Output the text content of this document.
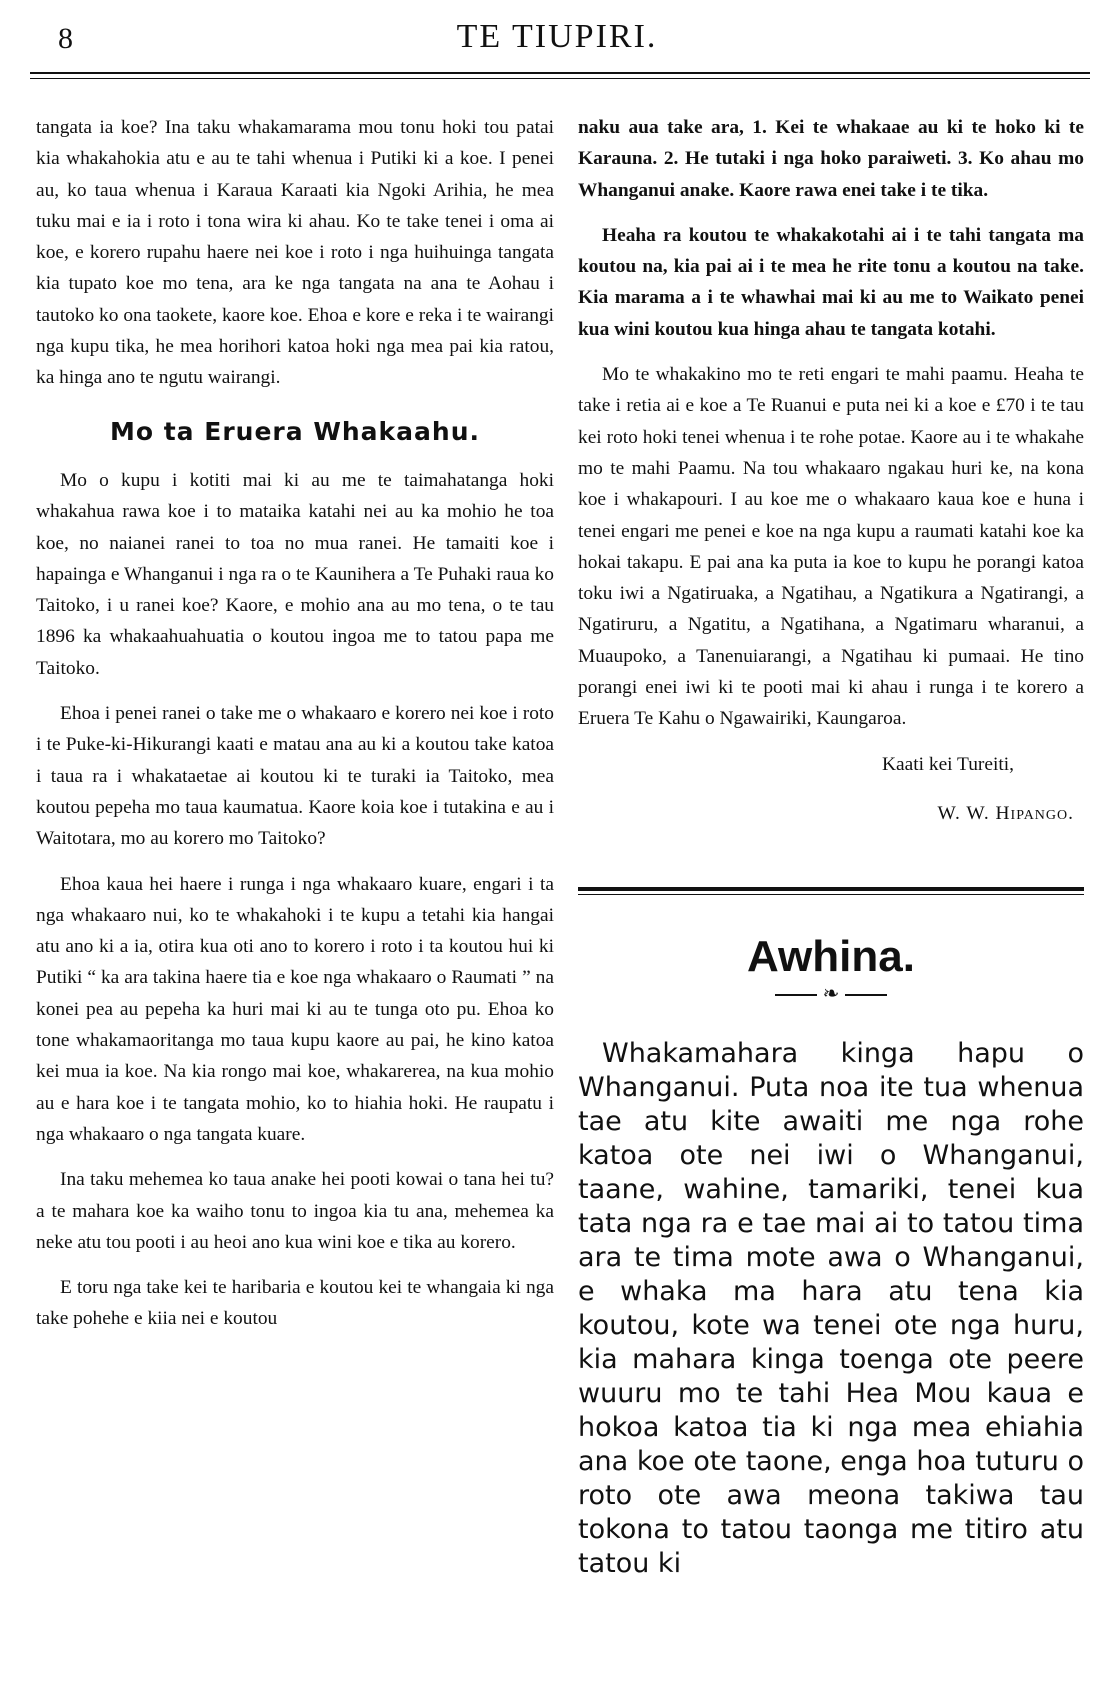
8	TE TIUPIRI.

tangata ia koe? Ina taku whakamarama mou tonu hoki tou patai kia whakahokia atu e au te tahi whenua i Putiki ki a koe. I penei au, ko taua whenua i Karaua Karaati kia Ngoki Arihia, he mea tuku mai e ia i roto i tona wira ki ahau. Ko te take tenei i oma ai koe, e korero rupahu haere nei koe i roto i nga huihuinga tangata kia tupato koe mo tena, ara ke nga tangata na ana te Aohau i tautoko ko ona taokete, kaore koe. Ehoa e kore e reka i te wairangi nga kupu tika, he mea horihori katoa hoki nga mea pai kia ratou, ka hinga ano te ngutu wairangi.

Mo ta Eruera Whakaahu.

Mo o kupu i kotiti mai ki au me te taimahatanga hoki whakahua rawa koe i to mataika katahi nei au ka mohio he toa koe, no naianei ranei to toa no mua ranei. He tamaiti koe i hapainga e Whanganui i nga ra o te Kaunihera a Te Puhaki raua ko Taitoko, i u ranei koe? Kaore, e mohio ana au mo tena, o te tau 1896 ka whakaahuahuatia o koutou ingoa me to tatou papa me Taitoko.

Ehoa i penei ranei o take me o whakaaro e korero nei koe i roto i te Puke-ki-Hikurangi kaati e matau ana au ki a koutou take katoa i taua ra i whakataetae ai koutou ki te turaki ia Taitoko, mea koutou pepeha mo taua kaumatua. Kaore koia koe i tutakina e au i Waitotara, mo au korero mo Taitoko?

Ehoa kaua hei haere i runga i nga whakaaro kuare, engari i ta nga whakaaro nui, ko te whakahoki i te kupu a tetahi kia hangai atu ano ki a ia, otira kua oti ano to korero i roto i ta koutou hui ki Putiki “ ka ara takina haere tia e koe nga whakaaro o Raumati ” na konei pea au pepeha ka huri mai ki au te tunga oto pu. Ehoa ko tone whakamaoritanga mo taua kupu kaore au pai, he kino katoa kei mua ia koe. Na kia rongo mai koe, whakarerea, na kua mohio au e hara koe i te tangata mohio, ko to hiahia hoki. He raupatu i nga whakaaro o nga tangata kuare.

Ina taku mehemea ko taua anake hei pooti kowai o tana hei tu? a te mahara koe ka waiho tonu to ingoa kia tu ana, mehemea ka neke atu tou pooti i au heoi ano kua wini koe e tika au korero.

E toru nga take kei te haribaria e koutou kei te whangaia ki nga take pohehe e kiia nei e koutou

naku aua take ara, 1. Kei te whakaae au ki te hoko ki te Karauna. 2. He tutaki i nga hoko paraiweti. 3. Ko ahau mo Whanganui anake. Kaore rawa enei take i te tika.

Heaha ra koutou te whakakotahi ai i te tahi tangata ma koutou na, kia pai ai i te mea he rite tonu a koutou na take. Kia marama a i te whawhai mai ki au me to Waikato penei kua wini koutou kua hinga ahau te tangata kotahi.

Mo te whakakino mo te reti engari te mahi paamu. Heaha te take i retia ai e koe a Te Ruanui e puta nei ki a koe e £70 i te tau kei roto hoki tenei whenua i te rohe potae. Kaore au i te whakahe mo te mahi Paamu. Na tou whakaaro ngakau huri ke, na kona koe i whakapouri. I au koe me o whakaaro kaua koe e huna i tenei engari me penei e koe na nga kupu a raumati katahi koe ka hokai takapu. E pai ana ka puta ia koe to kupu he porangi katoa toku iwi a Ngatiruaka, a Ngatihau, a Ngatikura a Ngatirangi, a Ngatiruru, a Ngatitu, a Ngatihana, a Ngatimaru wharanui, a Muaupoko, a Tanenuiarangi, a Ngatihau ki pumaai. He tino porangi enei iwi ki te pooti mai ki ahau i runga i te korero a Eruera Te Kahu o Ngawairiki, Kaungaroa.

Kaati kei Tureiti,
W. W. Hipango.
Awhina.
❧

Whakamahara kinga hapu o Whanganui. Puta noa ite tua whenua tae atu kite awaiti me nga rohe katoa ote nei iwi o Whanganui, taane, wahine, tamariki, tenei kua tata nga ra e tae mai ai to tatou tima ara te tima mote awa o Whanganui, e whaka ma hara atu tena kia koutou, kote wa tenei ote nga huru, kia mahara kinga toenga ote peere wuuru mo te tahi Hea Mou kaua e hokoa katoa tia ki nga mea ehiahia ana koe ote taone, enga hoa tuturu o roto ote awa meona takiwa tau tokona to tatou taonga me titiro atu tatou ki
